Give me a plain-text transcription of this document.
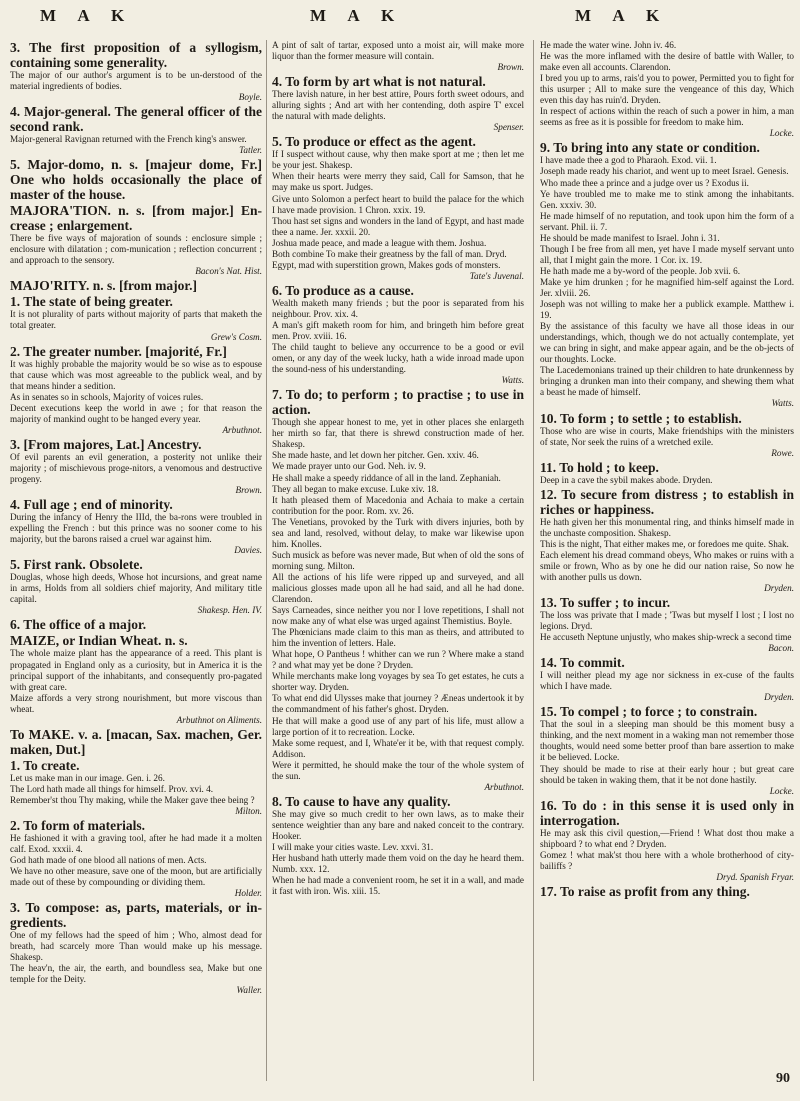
M A K	M A K	M A K

3. The first proposition of a syllogism, containing some generality.

The major of our author's argument is to be un-derstood of the material ingredients of bodies.

Boyle.

4. Major-general. The general officer of the second rank.

Major-general Ravignan returned with the French king's answer.

Tatler.

5. Major-domo, n. s. [majeur dome, Fr.] One who holds occasionally the place of master of the house.

MAJORA'TION. n. s. [from major.] En-crease ; enlargement.

There be five ways of majoration of sounds : enclosure simple ; enclosure with dilatation ; com-munication ; reflection concurrent ; and approach to the sensory.

Bacon's Nat. Hist.

MAJO'RITY. n. s. [from major.]

1. The state of being greater.

It is not plurality of parts without majority of parts that maketh the total greater.

Grew's Cosm.

2. The greater number. [majorité, Fr.]

It was highly probable the majority would be so wise as to espouse that cause which was most agreeable to the publick weal, and by that means hinder a sedition.

As in senates so in schools, Majority of voices rules.

Decent executions keep the world in awe ; for that reason the majority of mankind ought to be hanged every year.

Arbuthnot.

3. [From majores, Lat.] Ancestry.

Of evil parents an evil generation, a posterity not unlike their majority ; of mischievous proge-nitors, a venomous and destructive progeny.

Brown.

4. Full age ; end of minority.

During the infancy of Henry the IIId, the ba-rons were troubled in expelling the French : but this prince was no sooner come to his majority, but the barons raised a cruel war against him.

Davies.

5. First rank. Obsolete.

Douglas, whose high deeds, Whose hot incursions, and great name in arms, Holds from all soldiers chief majority, And military title capital.

Shakesp. Hen. IV.

6. The office of a major.

MAIZE, or Indian Wheat. n. s.

The whole maize plant has the appearance of a reed. This plant is propagated in England only as a curiosity, but in America it is the principal support of the inhabitants, and consequently pro-pagated with great care.

Maize affords a very strong nourishment, but more viscous than wheat.

Arbuthnot on Aliments.

To MAKE. v. a. [macan, Sax. machen, Ger. maken, Dut.]

1. To create.

Let us make man in our image. Gen. i. 26.

The Lord hath made all things for himself. Prov. xvi. 4.

Remember'st thou Thy making, while the Maker gave thee being ?

Milton.

2. To form of materials.

He fashioned it with a graving tool, after he had made it a molten calf. Exod. xxxii. 4.

God hath made of one blood all nations of men. Acts.

We have no other measure, save one of the moon, but are artificially made out of these by compounding or dividing them.

Holder.

3. To compose: as, parts, materials, or in-gredients.

One of my fellows had the speed of him ; Who, almost dead for breath, had scarcely more Than would make up his message. Shakesp.

The heav'n, the air, the earth, and boundless sea, Make but one temple for the Deity.

Waller.

A pint of salt of tartar, exposed unto a moist air, will make more liquor than the former measure will contain.

Brown.

4. To form by art what is not natural.

There lavish nature, in her best attire, Pours forth sweet odours, and alluring sights ; And art with her contending, doth aspire T' excel the natural with made delights.

Spenser.

5. To produce or effect as the agent.

If I suspect without cause, why then make sport at me ; then let me be your jest. Shakesp.

When their hearts were merry they said, Call for Samson, that he may make us sport. Judges.

Give unto Solomon a perfect heart to build the palace for the which I have made provision. 1 Chron. xxix. 19.

Thou hast set signs and wonders in the land of Egypt, and hast made thee a name. Jer. xxxii. 20.

Joshua made peace, and made a league with them. Joshua.

Both combine To make their greatness by the fall of man. Dryd.

Egypt, mad with superstition grown, Makes gods of monsters.

Tate's Juvenal.

6. To produce as a cause.

Wealth maketh many friends ; but the poor is separated from his neighbour. Prov. xix. 4.

A man's gift maketh room for him, and bringeth him before great men. Prov. xviii. 16.

The child taught to believe any occurrence to be a good or evil omen, or any day of the week lucky, hath a wide inroad made upon the sound-ness of his understanding.

Watts.

7. To do; to perform ; to practise ; to use in action.

Though she appear honest to me, yet in other places she enlargeth her mirth so far, that there is shrewd construction made of her. Shakesp.

She made haste, and let down her pitcher. Gen. xxiv. 46.

We made prayer unto our God. Neh. iv. 9.

He shall make a speedy riddance of all in the land. Zephaniah.

They all began to make excuse. Luke xiv. 18.

It hath pleased them of Macedonia and Achaia to make a certain contribution for the poor. Rom. xv. 26.

The Venetians, provoked by the Turk with divers injuries, both by sea and land, resolved, without delay, to make war likewise upon him. Knolles.

Such musick as before was never made, But when of old the sons of morning sung. Milton.

All the actions of his life were ripped up and surveyed, and all malicious glosses made upon all he had said, and all he had done. Clarendon.

Says Carneades, since neither you nor I love repetitions, I shall not now make any of what else was urged against Themistius. Boyle.

The Phœnicians made claim to this man as theirs, and attributed to him the invention of letters. Hale.

What hope, O Pantheus ! whither can we run ? Where make a stand ? and what may yet be done ? Dryden.

While merchants make long voyages by sea To get estates, he cuts a shorter way. Dryden.

To what end did Ulysses make that journey ? Æneas undertook it by the commandment of his father's ghost. Dryden.

He that will make a good use of any part of his life, must allow a large portion of it to recreation. Locke.

Make some request, and I, Whate'er it be, with that request comply. Addison.

Were it permitted, he should make the tour of the whole system of the sun.

Arbuthnot.

8. To cause to have any quality.

She may give so much credit to her own laws, as to make their sentence weightier than any bare and naked conceit to the contrary. Hooker.

I will make your cities waste. Lev. xxvi. 31.

Her husband hath utterly made them void on the day he heard them. Numb. xxx. 12.

When he had made a convenient room, he set it in a wall, and made it fast with iron. Wis. xiii. 15.

He made the water wine. John iv. 46.

He was the more inflamed with the desire of battle with Waller, to make even all accounts. Clarendon.

I bred you up to arms, rais'd you to power, Permitted you to fight for this usurper ; All to make sure the vengeance of this day, Which even this day has ruin'd. Dryden.

In respect of actions within the reach of such a power in him, a man seems as free as it is possible for freedom to make him.

Locke.

9. To bring into any state or condition.

I have made thee a god to Pharaoh. Exod. vii. 1.

Joseph made ready his chariot, and went up to meet Israel. Genesis.

Who made thee a prince and a judge over us ? Exodus ii.

Ye have troubled me to make me to stink among the inhabitants. Gen. xxxiv. 30.

He made himself of no reputation, and took upon him the form of a servant. Phil. ii. 7.

He should be made manifest to Israel. John i. 31.

Though I be free from all men, yet have I made myself servant unto all, that I might gain the more. 1 Cor. ix. 19.

He hath made me a by-word of the people. Job xvii. 6.

Make ye him drunken ; for he magnified him-self against the Lord. Jer. xlviii. 26.

Joseph was not willing to make her a publick example. Matthew i. 19.

By the assistance of this faculty we have all those ideas in our understandings, which, though we do not actually contemplate, yet we can bring in sight, and make appear again, and be the ob-jects of our thoughts. Locke.

The Lacedemonians trained up their children to hate drunkenness by bringing a drunken man into their company, and shewing them what a beast he made of himself.

Watts.

10. To form ; to settle ; to establish.

Those who are wise in courts, Make friendships with the ministers of state, Nor seek the ruins of a wretched exile.

Rowe.

11. To hold ; to keep.

Deep in a cave the sybil makes abode. Dryden.

12. To secure from distress ; to establish in riches or happiness.

He hath given her this monumental ring, and thinks himself made in the unchaste composition. Shakesp.

This is the night, That either makes me, or foredoes me quite. Shak.

Each element his dread command obeys, Who makes or ruins with a smile or frown, Who as by one he did our nation raise, So now he with another pulls us down.

Dryden.

13. To suffer ; to incur.

The loss was private that I made ; 'Twas but myself I lost ; I lost no legions. Dryd.

He accuseth Neptune unjustly, who makes ship-wreck a second time

Bacon.

14. To commit.

I will neither plead my age nor sickness in ex-cuse of the faults which I have made.

Dryden.

15. To compel ; to force ; to constrain.

That the soul in a sleeping man should be this moment busy a thinking, and the next moment in a waking man not remember those thoughts, would need some better proof than bare assertion to make it be believed. Locke.

They should be made to rise at their early hour ; but great care should be taken in waking them, that it be not done hastily.

Locke.

16. To do : in this sense it is used only in interrogation.

He may ask this civil question,—Friend ! What dost thou make a shipboard ? to what end ? Dryden.

Gomez ! what mak'st thou here with a whole brotherhood of city-bailiffs ?

Dryd. Spanish Fryar.

17. To raise as profit from any thing.

90
